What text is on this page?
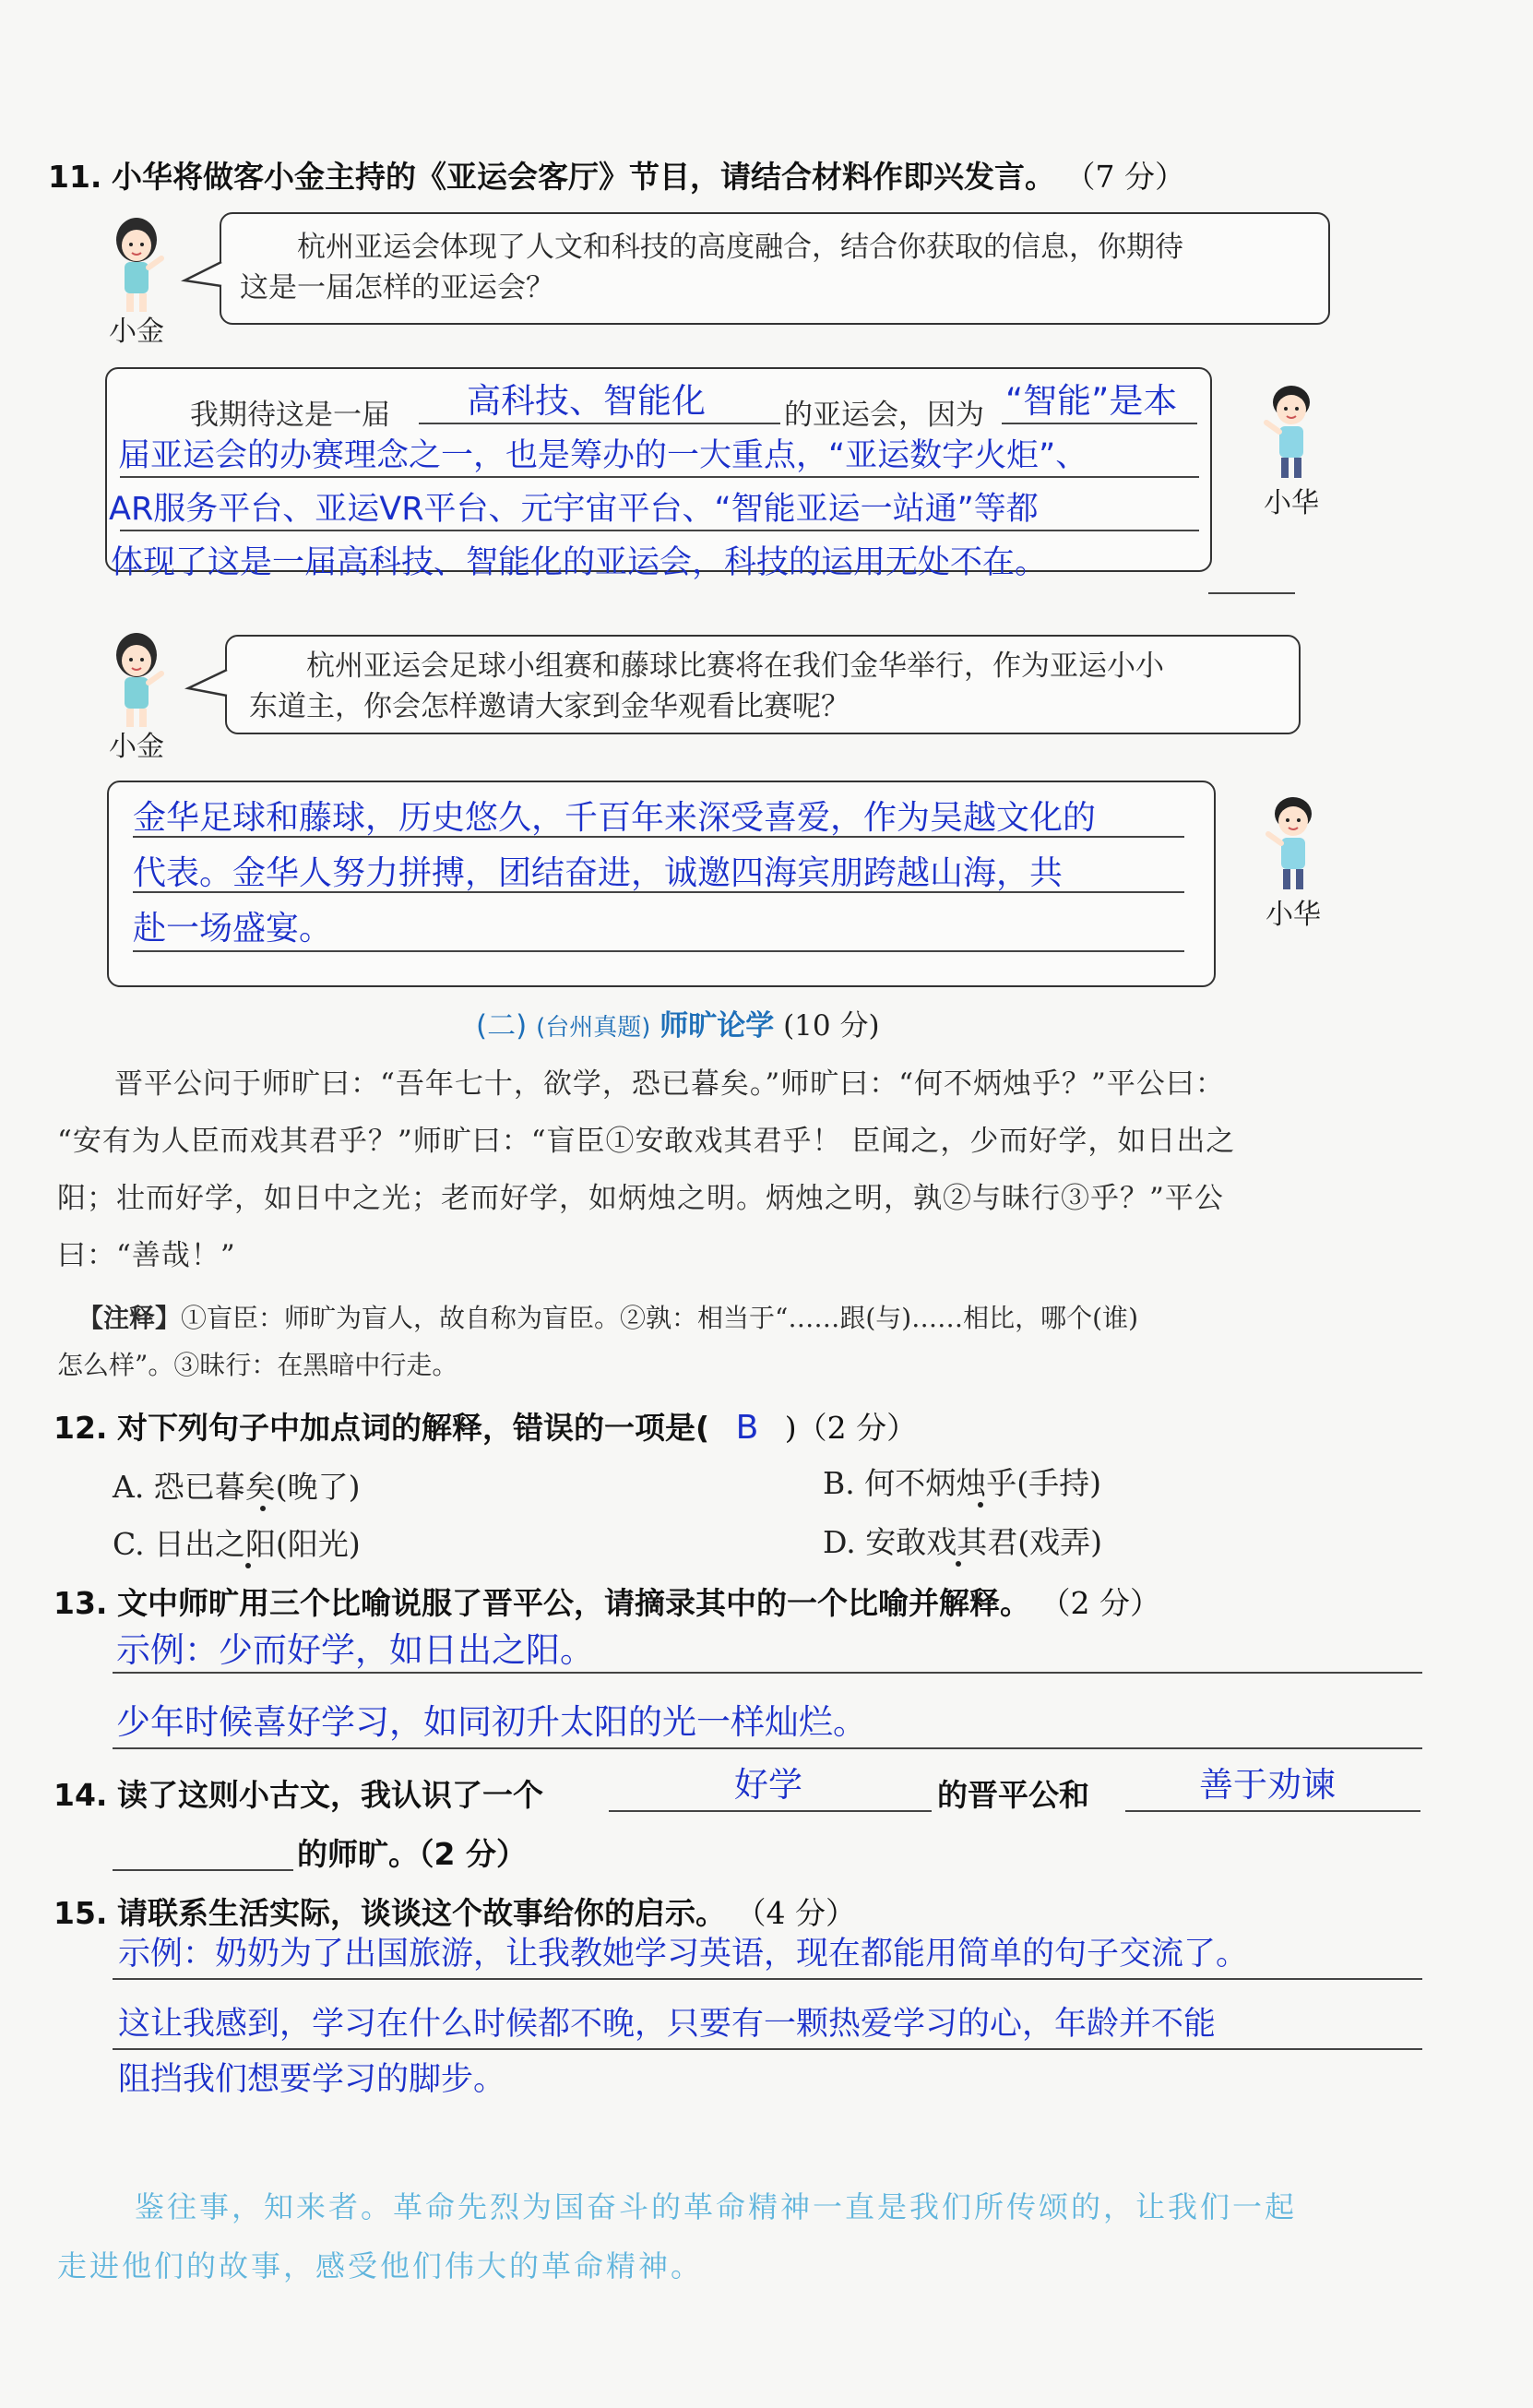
11. 小华将做客小金主持的《亚运会客厅》节目，请结合材料作即兴发言。 （7 分）
小金
杭州亚运会体现了人文和科技的高度融合，结合你获取的信息，你期待
这是一届怎样的亚运会？
我期待这是一届 高科技、智能化	的亚运会，因为 “智能”是本
届亚运会的办赛理念之一，也是筹办的一大重点，“亚运数字火炬”、
AR服务平台、亚运VR平台、元宇宙平台、“智能亚运一站通”等都
体现了这是一届高科技、智能化的亚运会，科技的运用无处不在。
小华
小金
杭州亚运会足球小组赛和藤球比赛将在我们金华举行，作为亚运小小
东道主，你会怎样邀请大家到金华观看比赛呢？
金华足球和藤球，历史悠久，千百年来深受喜爱，作为吴越文化的
代表。金华人努力拼搏，团结奋进，诚邀四海宾朋跨越山海，共
赴一场盛宴。	小华
(二) (台州真题) 师旷论学 (10 分)
晋平公问于师旷曰：“吾年七十，欲学，恐已暮矣。”师旷曰：“何不炳烛乎？”平公曰：
“安有为人臣而戏其君乎？”师旷曰：“盲臣①安敢戏其君乎！ 臣闻之，少而好学，如日出之
阳；壮而好学，如日中之光；老而好学，如炳烛之明。炳烛之明，孰②与昧行③乎？”平公
曰：“善哉！”
【注释】①盲臣：师旷为盲人，故自称为盲臣。②孰：相当于“……跟(与)……相比，哪个(谁)
怎么样”。③昧行：在黑暗中行走。
12. 对下列句子中加点词的解释，错误的一项是( B )（2 分）
A. 恐已暮矣(晚了)	B. 何不炳烛乎(手持)
C. 日出之阳(阳光)	D. 安敢戏其君(戏弄)
13. 文中师旷用三个比喻说服了晋平公，请摘录其中的一个比喻并解释。 （2 分）
示例：少而好学，如日出之阳。
少年时候喜好学习，如同初升太阳的光一样灿烂。
14. 读了这则小古文，我认识了一个	好学	的晋平公和	善于劝谏
的师旷。（2 分）
15. 请联系生活实际，谈谈这个故事给你的启示。 （4 分）
示例：奶奶为了出国旅游，让我教她学习英语，现在都能用简单的句子交流了。
这让我感到，学习在什么时候都不晚，只要有一颗热爱学习的心，年龄并不能
阻挡我们想要学习的脚步。
鉴往事，知来者。革命先烈为国奋斗的革命精神一直是我们所传颂的，让我们一起
走进他们的故事，感受他们伟大的革命精神。
